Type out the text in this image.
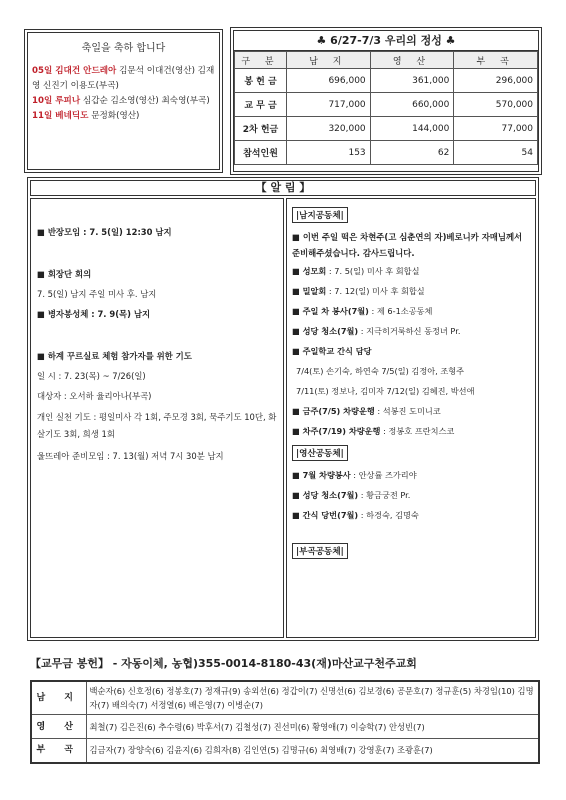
축일을 축하 합니다

05일 김대건 안드레아 김문석 이대건(영산) 김재영 신진기 이용도(부곡)

10일 루피나 심갑순 김소영(영산) 최숙영(부곡)

11일 베네딕도 문정화(영산)

♣ 6/27-7/3 우리의 정성 ♣
구 분	남 지	영 산	부 곡
봉 헌 금	696,000	361,000	296,000
교 무 금	717,000	660,000	570,000
2차 헌금	320,000	144,000	77,000
참석인원	153	62	54
【 알 림 】
■ 반장모임 : 7. 5(일) 12:30 남지
■ 회장단 회의
7. 5(일) 남지 주일 미사 후. 남지
■ 병자봉성체 : 7. 9(목) 남지
■ 하계 꾸르실료 체험 참가자를 위한 기도
일 시 : 7. 23(목) ~ 7/26(일)
대상자 : 오서하 율리아나(부곡)
개인 실천 기도 : 평일미사 각 1회, 주모경 3회, 묵주기도 10단, 화살기도 3회, 희생 1회
울뜨레아 준비모임 : 7. 13(월) 저녁 7시 30분 남지
|남지공동체|
■ 이번 주일 떡은 차현주(고 심춘연의 자)베로니카 자매님께서 준비해주셨습니다. 감사드립니다.
■ 성모회 : 7. 5(일) 미사 후 회합실
■ 밀알회 : 7. 12(일) 미사 후 회합실
■ 주일 차 봉사(7월) : 제 6-1소공동체
■ 성당 청소(7월) : 지극히거룩하신 동정녀 Pr.
■ 주일학교 간식 담당
7/4(토) 손기숙, 하연숙 7/5(일) 김정아, 조형주
7/11(토) 정보나, 김미자 7/12(일) 김혜진, 박선애
■ 금주(7/5) 차량운행 : 석봉진 도미니코
■ 차주(7/19) 차량운행 : 정봉호 프란치스코
|영산공동체|
■ 7월 차량봉사 : 안상률 즈가리야
■ 성당 청소(7월) : 황금궁전 Pr.
■ 간식 당번(7월) : 하경숙, 김명숙
|부곡공동체|
【교무금 봉헌】 - 자동이체, 농협)355-0014-8180-43(재)마산교구천주교회
남 지	백순자(6) 신호정(6) 정봉호(7) 정재규(9) 송외선(6) 정갑이(7) 신명선(6) 김보경(6) 공문호(7) 정규훈(5) 차경임(10) 김명자(7) 배의숙(7) 서정열(6) 배은영(7) 이병순(7)
영 산	최철(7) 김은진(6) 추수령(6) 박후서(7) 김철성(7) 진선미(6) 황영애(7) 이승학(7) 안성빈(7)
부 곡	김금자(7) 장양숙(6) 김윤지(6) 김희자(8) 김인연(5) 김명규(6) 최영배(7) 강영훈(7) 조광훈(7)
